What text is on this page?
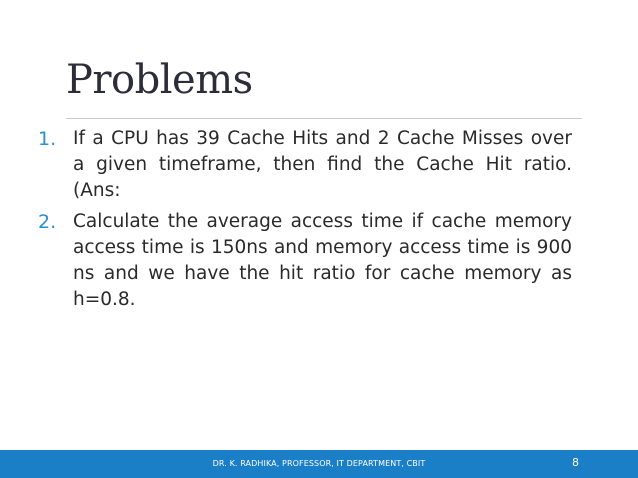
Problems
1. If a CPU has 39 Cache Hits and 2 Cache Misses over a given timeframe, then find the Cache Hit ratio. (Ans:
2. Calculate the average access time if cache memory access time is 150ns and memory access time is 900 ns and we have the hit ratio for cache memory as h=0.8.
DR. K. RADHIKA, PROFESSOR, IT DEPARTMENT, CBIT	8
